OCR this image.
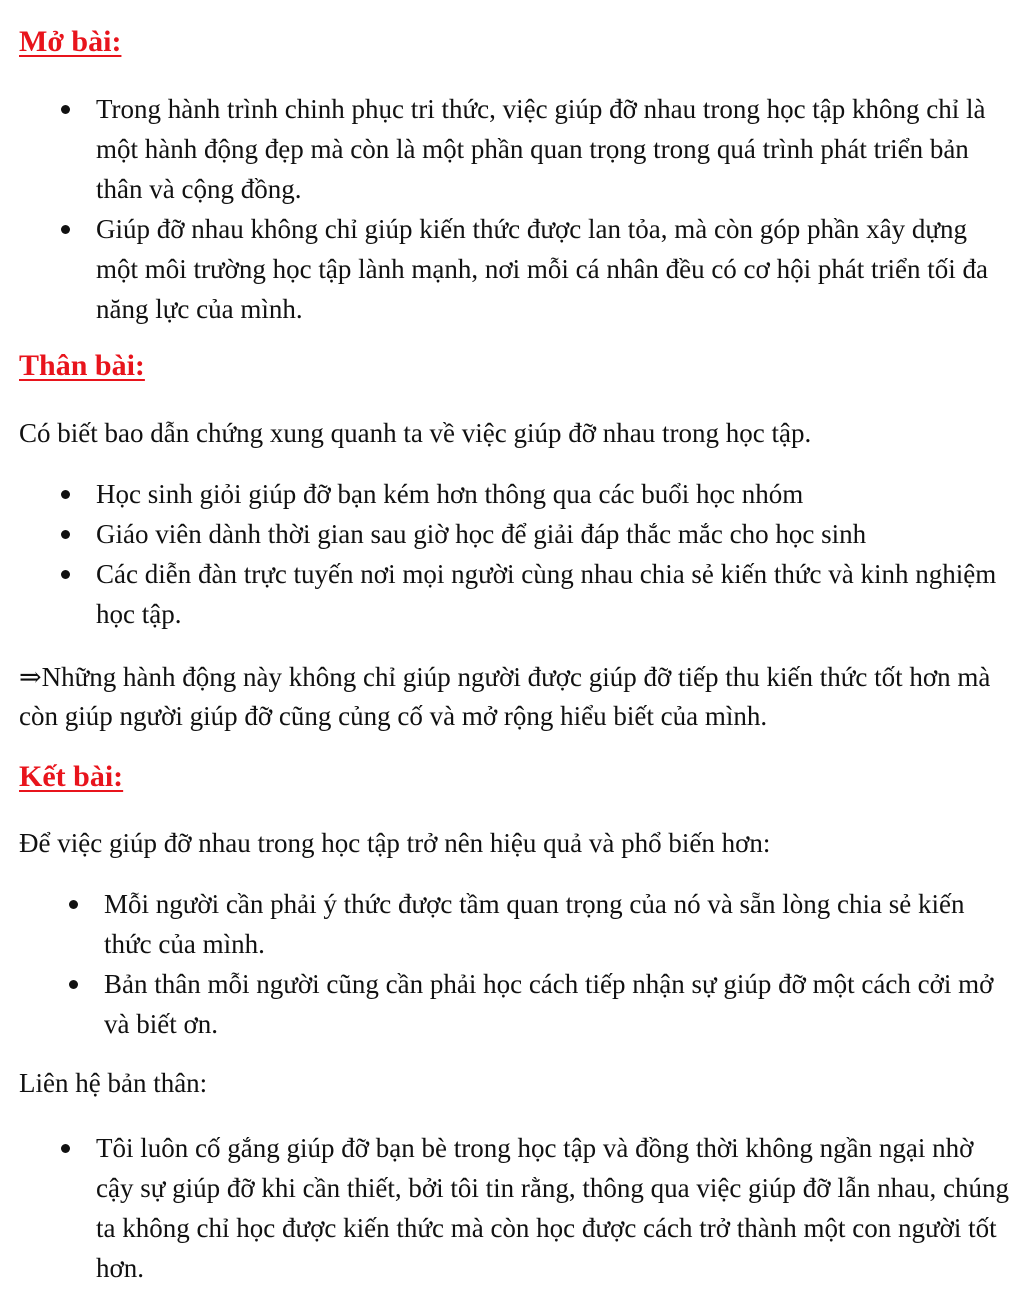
Mở bài:
Trong hành trình chinh phục tri thức, việc giúp đỡ nhau trong học tập không chỉ là một hành động đẹp mà còn là một phần quan trọng trong quá trình phát triển bản thân và cộng đồng.
Giúp đỡ nhau không chỉ giúp kiến thức được lan tỏa, mà còn góp phần xây dựng một môi trường học tập lành mạnh, nơi mỗi cá nhân đều có cơ hội phát triển tối đa năng lực của mình.
Thân bài:

Có biết bao dẫn chứng xung quanh ta về việc giúp đỡ nhau trong học tập.

Học sinh giỏi giúp đỡ bạn kém hơn thông qua các buổi học nhóm
Giáo viên dành thời gian sau giờ học để giải đáp thắc mắc cho học sinh
Các diễn đàn trực tuyến nơi mọi người cùng nhau chia sẻ kiến thức và kinh nghiệm học tập.

⇒Những hành động này không chỉ giúp người được giúp đỡ tiếp thu kiến thức tốt hơn mà còn giúp người giúp đỡ cũng củng cố và mở rộng hiểu biết của mình.

Kết bài:

Để việc giúp đỡ nhau trong học tập trở nên hiệu quả và phổ biến hơn:

Mỗi người cần phải ý thức được tầm quan trọng của nó và sẵn lòng chia sẻ kiến thức của mình.
Bản thân mỗi người cũng cần phải học cách tiếp nhận sự giúp đỡ một cách cởi mở và biết ơn.

Liên hệ bản thân:

Tôi luôn cố gắng giúp đỡ bạn bè trong học tập và đồng thời không ngần ngại nhờ cậy sự giúp đỡ khi cần thiết, bởi tôi tin rằng, thông qua việc giúp đỡ lẫn nhau, chúng ta không chỉ học được kiến thức mà còn học được cách trở thành một con người tốt hơn.
